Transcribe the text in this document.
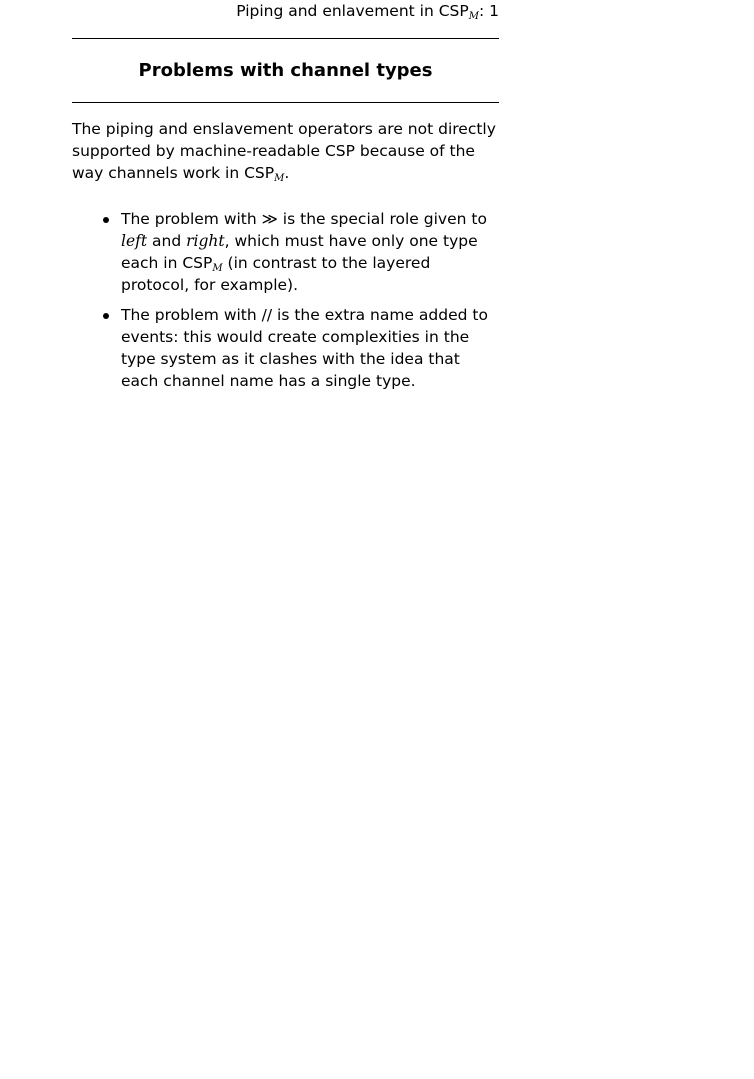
Piping and enlavement in $CSP_M$: 1
Problems with channel types

The piping and enslavement operators are not directly supported by machine-readable CSP because of the way channels work in $CSP_M$.

The problem with ≫ is the special role given to left and right, which must have only one type each in $CSP_M$ (in contrast to the layered protocol, for example).
The problem with // is the extra name added to events: this would create complexities in the type system as it clashes with the idea that each channel name has a single type.
